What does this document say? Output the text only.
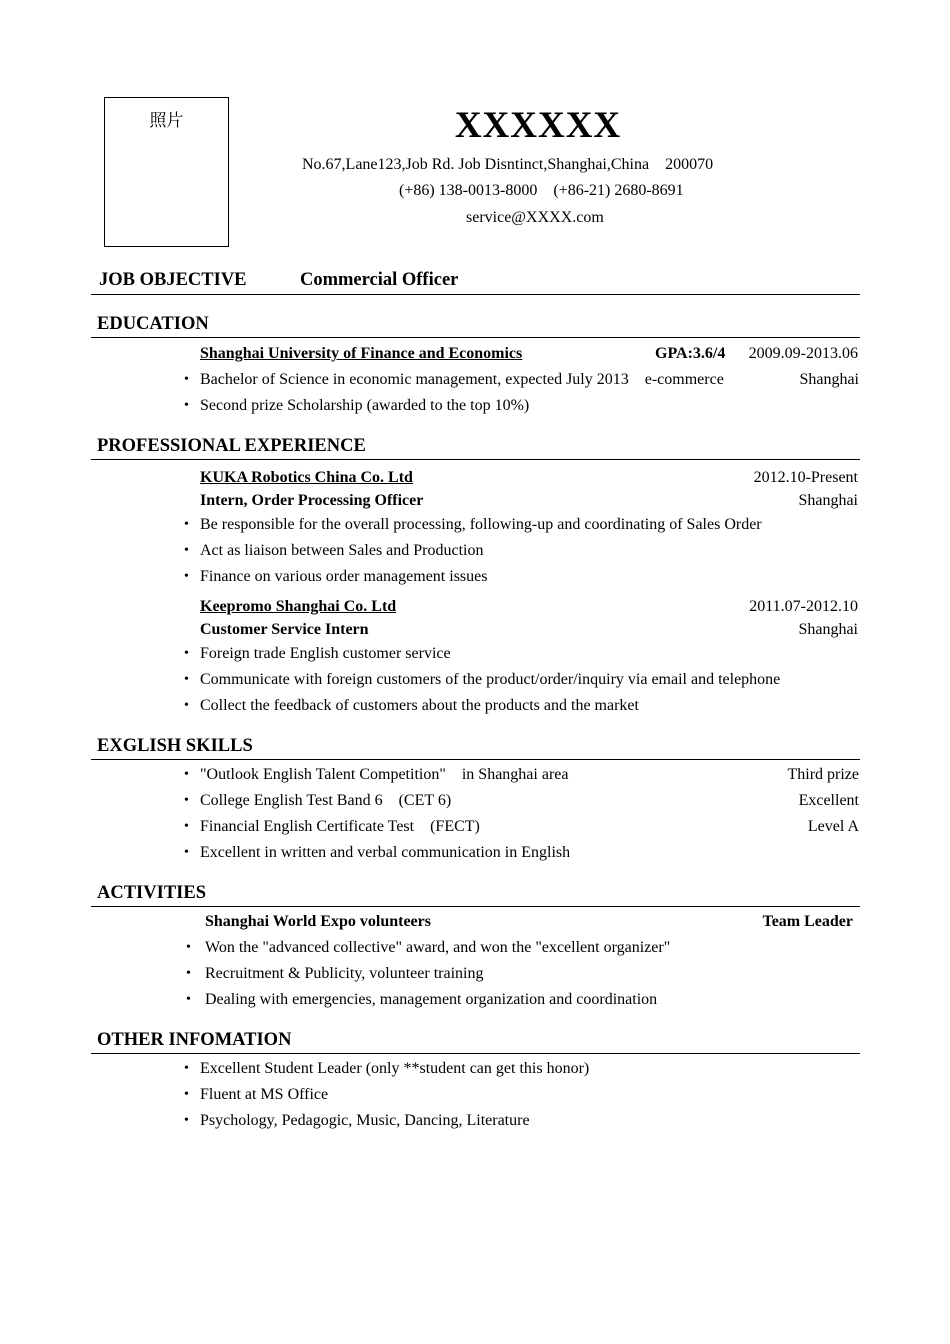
照片	XXXXXX
No.67,Lane123,Job Rd. Job Disntinct,Shanghai,China    200070
(+86) 138-0013-8000    (+86-21) 2680-8691
service@XXXX.com
JOB OBJECTIVE	Commercial Officer
EDUCATION
Shanghai University of Finance and Economics	GPA:3.6/4 2009.09-2013.06
• Bachelor of Science in economic management, expected July 2013    e-commerce	Shanghai
• Second prize Scholarship (awarded to the top 10%)
PROFESSIONAL EXPERIENCE
KUKA Robotics China Co. Ltd	2012.10-Present
Intern, Order Processing Officer	Shanghai
• Be responsible for the overall processing, following-up and coordinating of Sales Order
• Act as liaison between Sales and Production
• Finance on various order management issues
Keepromo Shanghai Co. Ltd	2011.07-2012.10
Customer Service Intern	Shanghai
• Foreign trade English customer service
• Communicate with foreign customers of the product/order/inquiry via email and telephone
• Collect the feedback of customers about the products and the market
EXGLISH SKILLS
• "Outlook English Talent Competition"    in Shanghai area	Third prize
• College English Test Band 6    (CET 6)	Excellent
• Financial English Certificate Test    (FECT)	Level A
• Excellent in written and verbal communication in English
ACTIVITIES
Shanghai World Expo volunteers	Team Leader
• Won the "advanced collective" award, and won the "excellent organizer"
• Recruitment & Publicity, volunteer training
• Dealing with emergencies, management organization and coordination
OTHER INFOMATION
• Excellent Student Leader (only **student can get this honor)
• Fluent at MS Office
• Psychology, Pedagogic, Music, Dancing, Literature
